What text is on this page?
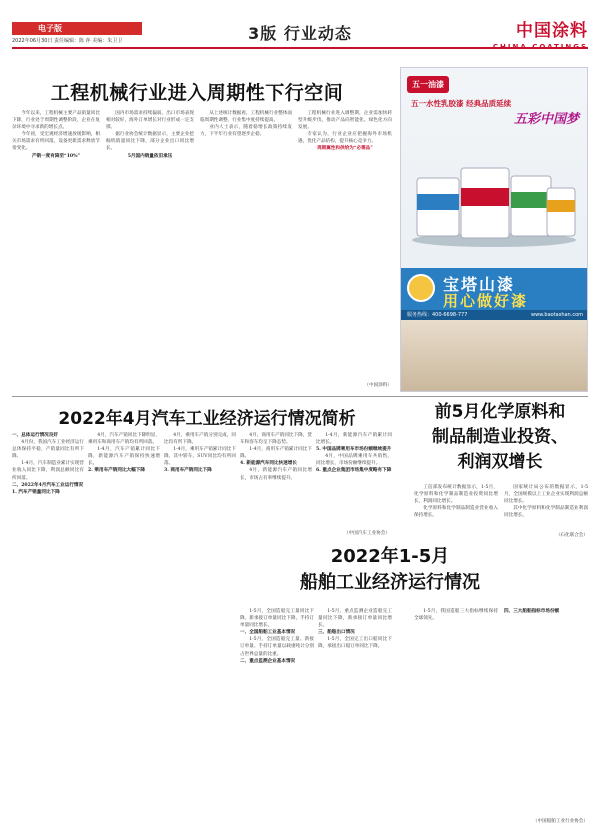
电子版
2022年06月30日 责任编辑：陈 萍 美编：朱卫卫	3版 行业动态	中国涂料
工程机械行业进入周期性下行空间

今年以来，工程机械主要产品销量同比下降，行业处于周期性调整阶段，企业在复杂环境中寻求新的增长点。

今年初，受宏观经济增速放缓影响，相关市场需求有所回落，设备更新需求释放节奏变化。

产销一度有降至“10%”

国内市场需求持续偏弱，出口市场表现相对较好，海外订单增长对行业形成一定支撑。

据行业协会统计数据显示，主要企业挖掘机销量同比下降，部分企业出口同比增长。

5月国内销量依旧承压

从上述统计数据看，工程机械行业整体面临周期性调整，行业集中度持续提高。

业内人士表示，随着稳增长政策持续发力，下半年行业有望逐步企稳。

工程机械行业进入调整期，企业需加快转型升级步伐，推动产品向智能化、绿色化方向发展。

专家认为，行业企业应把握海外市场机遇，优化产品结构，提升核心竞争力。

周期属性和供给为“必需品”

（中国涂料）
五一油漆
五一水性乳胶漆 经典品质延续
五彩中国梦
宝塔山漆
用心做好漆
服务热线：400-6698-777	www.baotashan.com
2022年4月汽车工业经济运行情况简析

一、总体运行情况良好

4月份，我国汽车工业经济运行总体保持平稳，产销量同比有所下降。

1-4月，汽车制造业累计实现营业收入同比下降，利润总额同比有所回落。

二、2022年4月汽车工业运行情况

1. 汽车产销量同比下降

4月，汽车产销同比下降明显，乘用车和商用车产销均有所回落。

1-4月，汽车产销累计同比下降，新能源汽车产销保持快速增长。

2. 乘用车产销同比大幅下降

4月，乘用车产销分别完成，同比均有所下降。

1-4月，乘用车产销累计同比下降，其中轿车、SUV同比均有所回落。

3. 商用车产销同比下降

4月，商用车产销同比下降，货车和客车均呈下降态势。

1-4月，商用车产销累计同比下降。

4. 新能源汽车同比快速增长

4月，新能源汽车产销同比增长，市场占有率继续提升。

1-4月，新能源汽车产销累计同比增长。

5. 中国品牌乘用车市场份额继续提升

4月，中国品牌乘用车共销售，同比增长，市场份额继续提升。

6. 重点企业集团市场集中度略有下降

（中国汽车工业协会）
前5月化学原料和
制品制造业投资、
利润双增长

工信部发布统计数据显示，1-5月，化学原料和化学制品制造业投资同比增长，利润同比增长。

化学原料和化学制品制造业营业收入保持增长。

国家统计局公布的数据显示，1-5月，全国规模以上工业企业实现利润总额同比增长。

其中化学原料和化学制品制造业利润同比增长。

（石化联合会）
2022年1-5月
船舶工业经济运行情况

1-5月，全国造船完工量同比下降，新承接订单量同比下降，手持订单量同比增长。

一、全国船舶工业基本情况

1-5月，全国造船完工量、新接订单量、手持订单量以载重吨计分别占世界总量的比重。

二、重点监测企业基本情况

1-5月，重点监测企业造船完工量同比下降，新承接订单量同比增长。

三、船舶出口情况

1-5月，全国完工出口船同比下降，承接出口船订单同比下降。

1-5月，我国造船三大指标继续保持全球领先。

四、三大船舶指标市场份额

（中国船舶工业行业协会）
